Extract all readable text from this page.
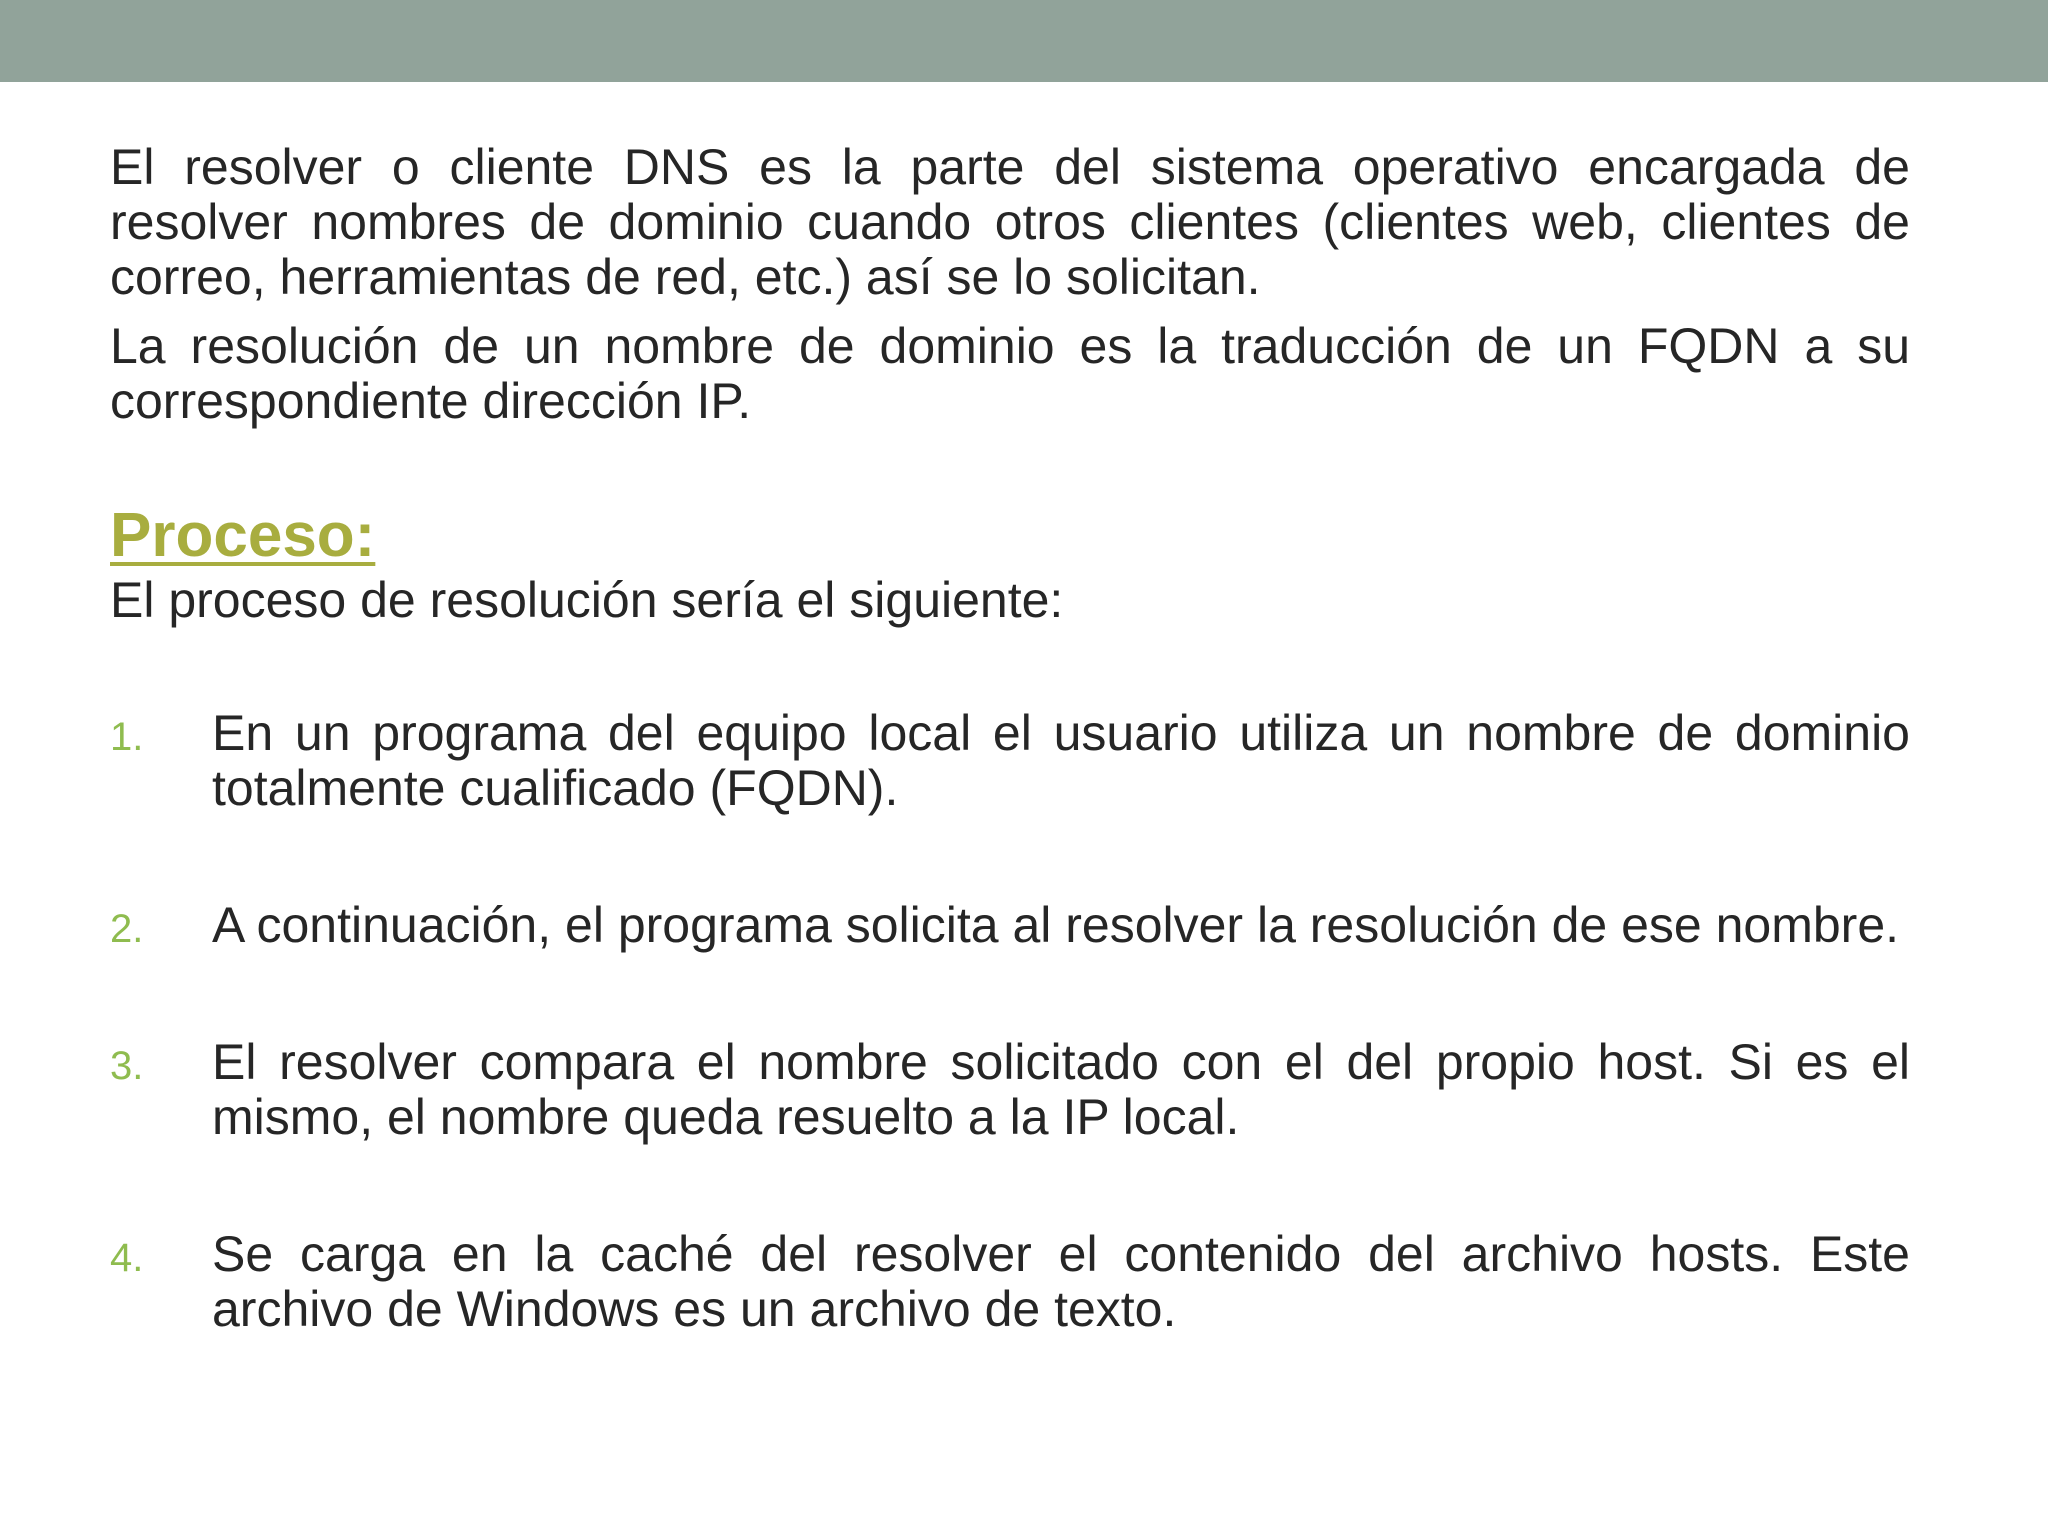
El resolver o cliente DNS es la parte del sistema operativo encargada de resolver nombres de dominio cuando otros clientes (clientes web, clientes de correo, herramientas de red, etc.) así se lo solicitan.

La resolución de un nombre de dominio es la traducción de un FQDN a su correspondiente dirección IP.

Proceso:
El proceso de resolución sería el siguiente:
1. En un programa del equipo local el usuario utiliza un nombre de dominio totalmente cualificado (FQDN).
2. A continuación, el programa solicita al resolver la resolución de ese nombre.
3. El resolver compara el nombre solicitado con el del propio host. Si es el mismo, el nombre queda resuelto a la IP local.
4. Se carga en la caché del resolver el contenido del archivo hosts. Este archivo de Windows es un archivo de texto.
